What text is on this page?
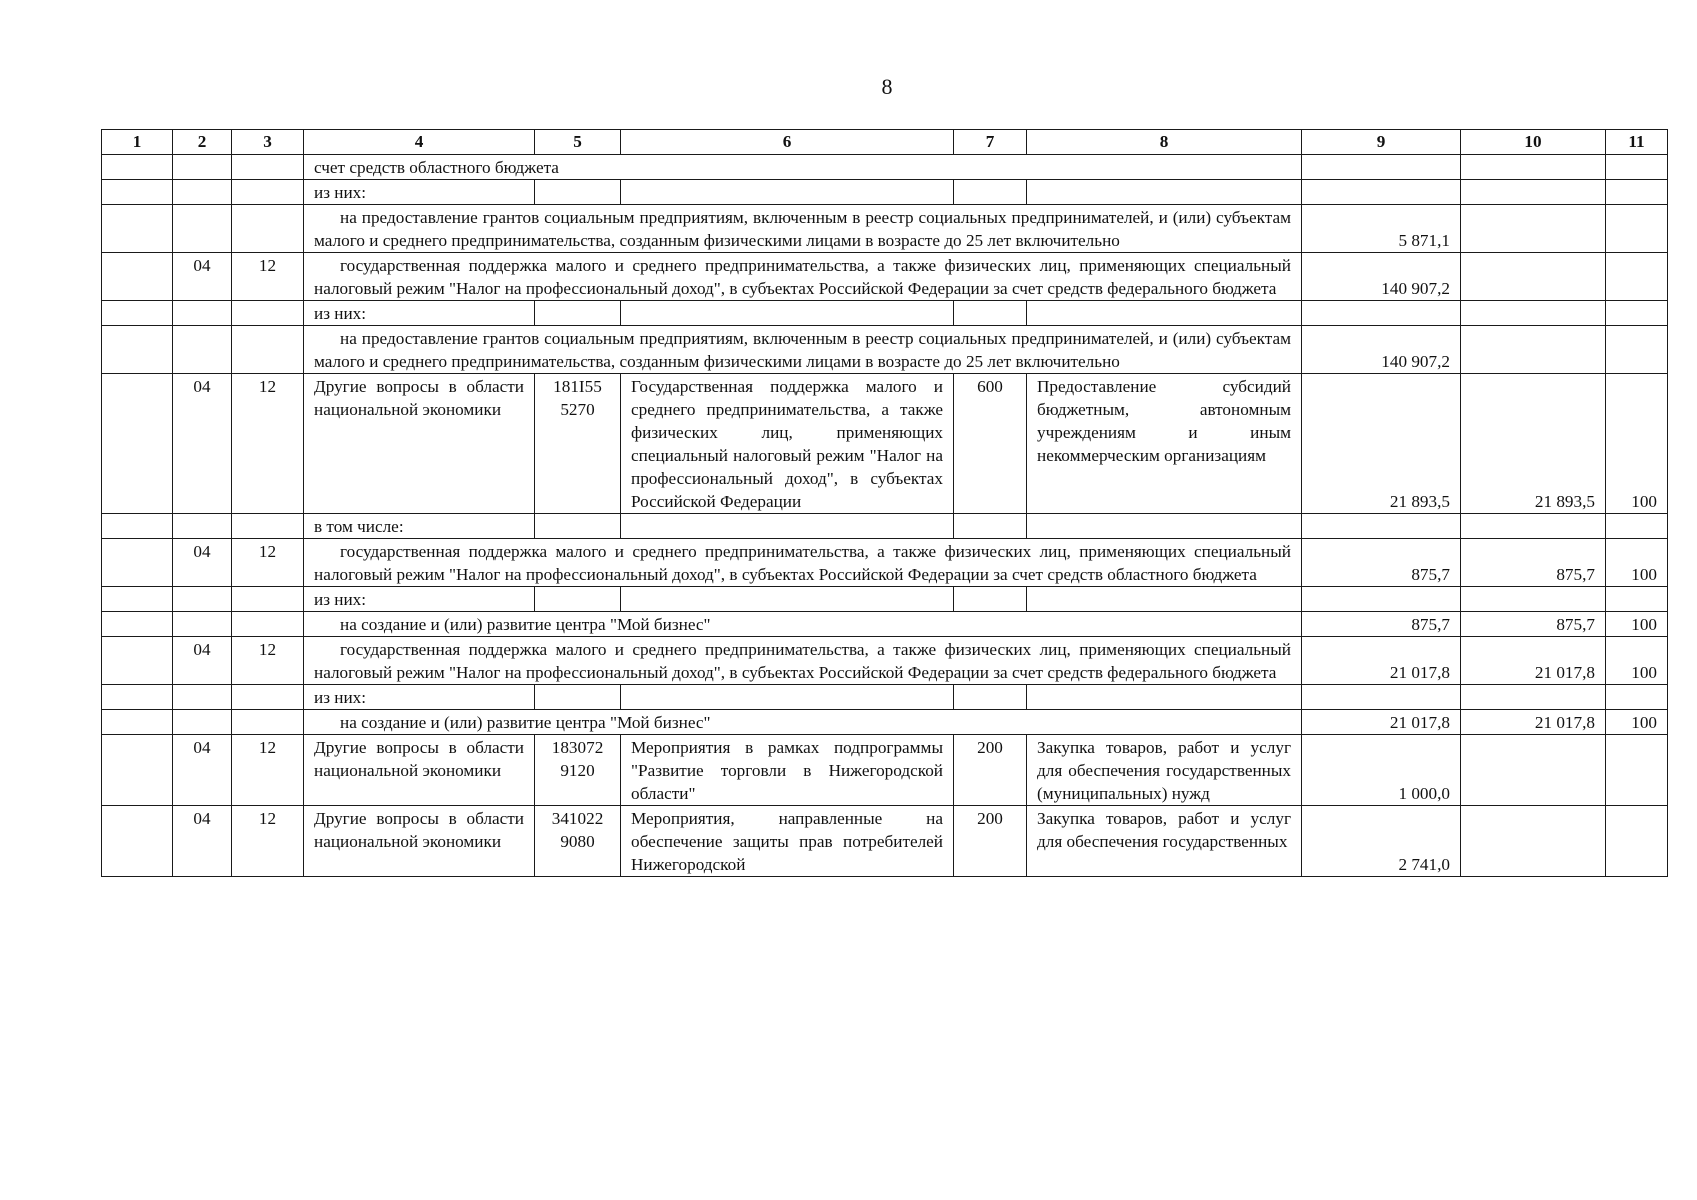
8
1	2	3	4	5	6	7	8	9	10	11
			счет средств областного бюджета							
			из них:							
			на предоставление грантов социальным предприятиям, включенным в реестр социальных предпринимателей, и (или) субъектам малого и среднего предпринимательства, созданным физическими лицами в возрасте до 25 лет включительно					5 871,1		
	04	12	государственная поддержка малого и среднего предпринимательства, а также физических лиц, применяющих специальный налоговый режим "Налог на профессиональный доход", в субъектах Российской Федерации за счет средств федерального бюджета					140 907,2		
			из них:							
			на предоставление грантов социальным предприятиям, включенным в реестр социальных предпринимателей, и (или) субъектам малого и среднего предпринимательства, созданным физическими лицами в возрасте до 25 лет включительно					140 907,2		
	04	12	Другие вопросы в области национальной экономики	181I55 5270	Государственная поддержка малого и среднего предпринимательства, а также физических лиц, применяющих специальный налоговый режим "Налог на профессиональный доход", в субъектах Российской Федерации	600	Предоставление субсидий бюджетным, автономным учреждениям и иным некоммерческим организациям	21 893,5	21 893,5	100
			в том числе:							
	04	12	государственная поддержка малого и среднего предпринимательства, а также физических лиц, применяющих специальный налоговый режим "Налог на профессиональный доход", в субъектах Российской Федерации за счет средств областного бюджета					875,7	875,7	100
			из них:							
			на создание и (или) развитие центра "Мой бизнес"					875,7	875,7	100
	04	12	государственная поддержка малого и среднего предпринимательства, а также физических лиц, применяющих специальный налоговый режим "Налог на профессиональный доход", в субъектах Российской Федерации за счет средств федерального бюджета					21 017,8	21 017,8	100
			из них:							
			на создание и (или) развитие центра "Мой бизнес"					21 017,8	21 017,8	100
	04	12	Другие вопросы в области национальной экономики	183072 9120	Мероприятия в рамках подпрограммы "Развитие торговли в Нижегородской области"	200	Закупка товаров, работ и услуг для обеспечения государственных (муниципальных) нужд	1 000,0		
	04	12	Другие вопросы в области национальной экономики	341022 9080	Мероприятия, направленные на обеспечение защиты прав потребителей Нижегородской	200	Закупка товаров, работ и услуг для обеспечения государственных	2 741,0		
